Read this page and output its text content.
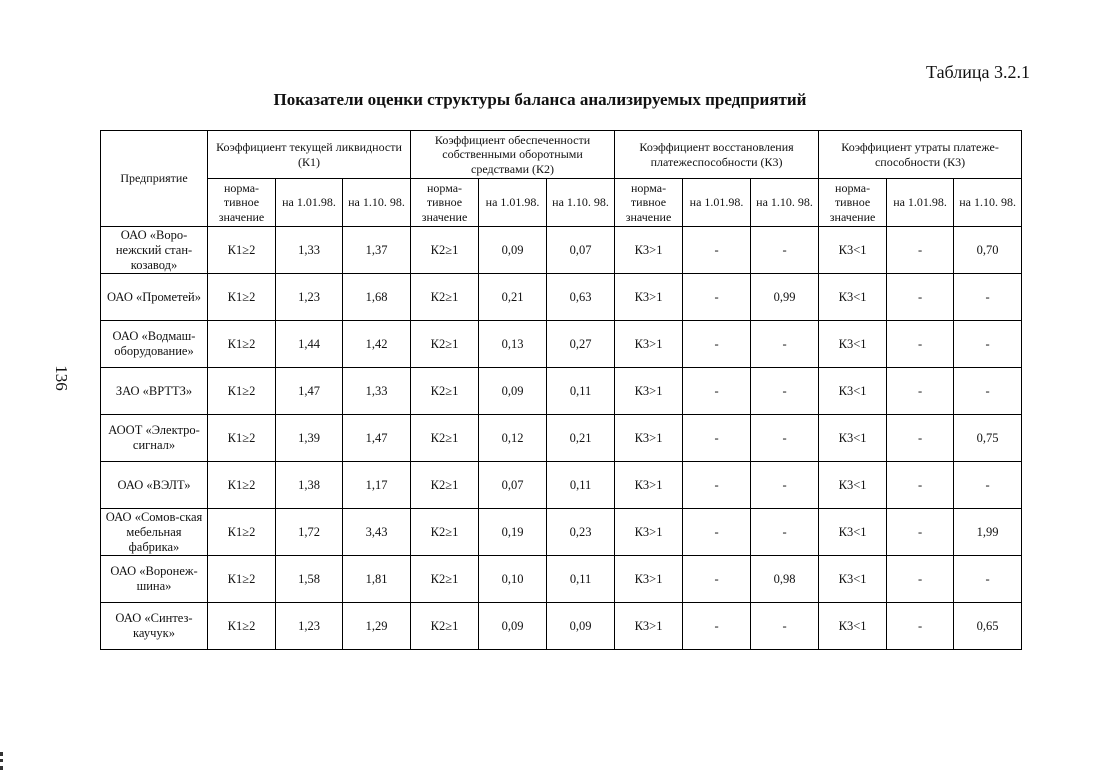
Таблица 3.2.1
Показатели оценки структуры баланса анализируемых предприятий
136
Предприятие	Коэффициент текущей ликвидности (К1)			Коэффициент обеспеченности собственными оборотными средствами (К2)			Коэффициент восстановления платежеспособности (К3)			Коэффициент утраты платеже-способности (К3)		
	норма-тивное значение	на 1.01.98.	на 1.10. 98.	норма-тивное значение	на 1.01.98.	на 1.10. 98.	норма-тивное значение	на 1.01.98.	на 1.10. 98.	норма-тивное значение	на 1.01.98.	на 1.10. 98.
ОАО «Воро-нежский стан-козавод»	К1≥2	1,33	1,37	К2≥1	0,09	0,07	К3>1	-	-	К3<1	-	0,70
ОАО «Прометей»	К1≥2	1,23	1,68	К2≥1	0,21	0,63	К3>1	-	0,99	К3<1	-	-
ОАО «Водмаш-оборудование»	К1≥2	1,44	1,42	К2≥1	0,13	0,27	К3>1	-	-	К3<1	-	-
ЗАО «ВРТТЗ»	К1≥2	1,47	1,33	К2≥1	0,09	0,11	К3>1	-	-	К3<1	-	-
АООТ «Электро-сигнал»	К1≥2	1,39	1,47	К2≥1	0,12	0,21	К3>1	-	-	К3<1	-	0,75
ОАО «ВЭЛТ»	К1≥2	1,38	1,17	К2≥1	0,07	0,11	К3>1	-	-	К3<1	-	-
ОАО «Сомов-ская мебельная фабрика»	К1≥2	1,72	3,43	К2≥1	0,19	0,23	К3>1	-	-	К3<1	-	1,99
ОАО «Воронеж-шина»	К1≥2	1,58	1,81	К2≥1	0,10	0,11	К3>1	-	0,98	К3<1	-	-
ОАО «Синтез-каучук»	К1≥2	1,23	1,29	К2≥1	0,09	0,09	К3>1	-	-	К3<1	-	0,65
